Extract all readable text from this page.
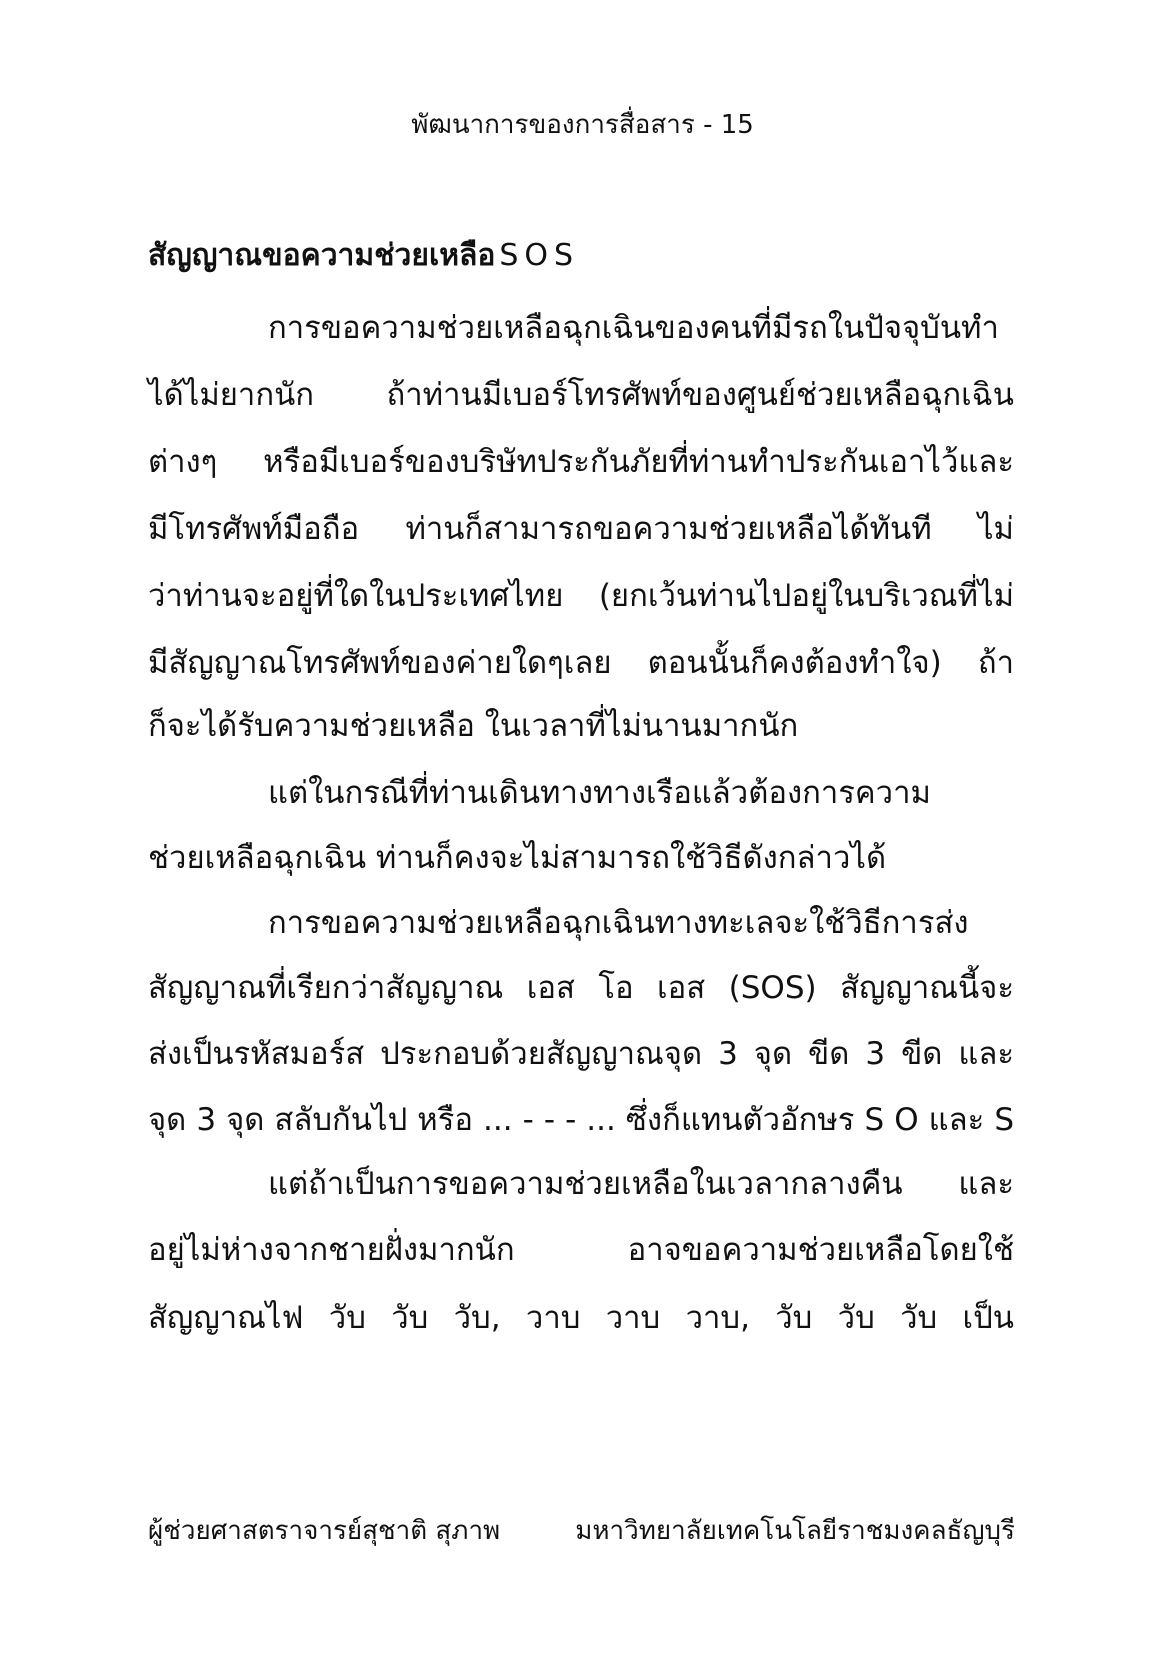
พัฒนาการของการสื่อสาร - 15
สัญญาณขอความช่วยเหลือ SOS
การขอความช่วยเหลือฉุกเฉินของคนที่มีรถในปัจจุบันทำ
ได้ไม่ยากนัก ถ้าท่านมีเบอร์โทรศัพท์ของศูนย์ช่วยเหลือฉุกเฉิน
ต่างๆ หรือมีเบอร์ของบริษัทประกันภัยที่ท่านทำประกันเอาไว้และ
มีโทรศัพท์มือถือ ท่านก็สามารถขอความช่วยเหลือได้ทันที ไม่
ว่าท่านจะอยู่ที่ใดในประเทศไทย (ยกเว้นท่านไปอยู่ในบริเวณที่ไม่
มีสัญญาณโทรศัพท์ของค่ายใดๆเลย ตอนนั้นก็คงต้องทำใจ) ถ้า
ก็จะได้รับความช่วยเหลือ ในเวลาที่ไม่นานมากนัก
แต่ในกรณีที่ท่านเดินทางทางเรือแล้วต้องการความ
ช่วยเหลือฉุกเฉิน ท่านก็คงจะไม่สามารถใช้วิธีดังกล่าวได้
การขอความช่วยเหลือฉุกเฉินทางทะเลจะใช้วิธีการส่ง
สัญญาณที่เรียกว่าสัญญาณ เอส โอ เอส (SOS) สัญญาณนี้จะ
ส่งเป็นรหัสมอร์ส ประกอบด้วยสัญญาณจุด 3 จุด ขีด 3 ขีด และ
จุด 3 จุด สลับกันไป หรือ ... - - - ... ซึ่งก็แทนตัวอักษร S O และ S
แต่ถ้าเป็นการขอความช่วยเหลือในเวลากลางคืน และ
อยู่ไม่ห่างจากชายฝั่งมากนัก อาจขอความช่วยเหลือโดยใช้
สัญญาณไฟ วับ วับ วับ, วาบ วาบ วาบ, วับ วับ วับ เป็น
ผู้ช่วยศาสตราจารย์สุชาติ สุภาพ	มหาวิทยาลัยเทคโนโลยีราชมงคลธัญบุรี
